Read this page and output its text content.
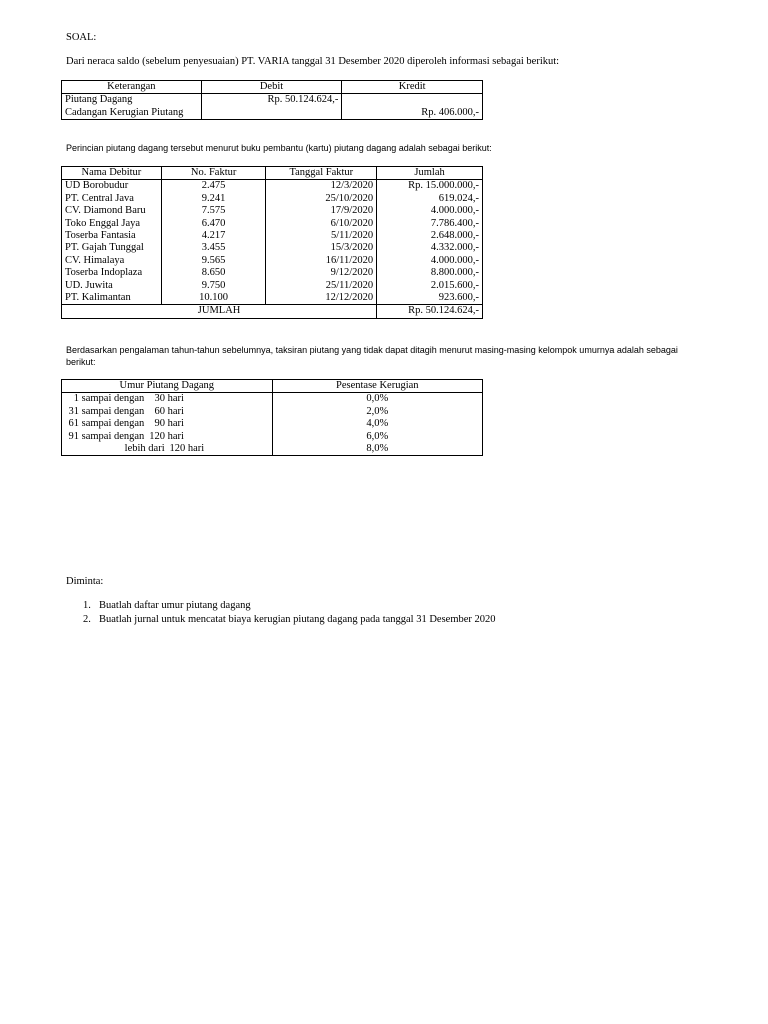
SOAL:
Dari neraca saldo (sebelum penyesuaian) PT. VARIA tanggal 31 Desember 2020 diperoleh informasi sebagai berikut:
Keterangan	Debit	Kredit
Piutang Dagang	Rp. 50.124.624,-	
Cadangan Kerugian Piutang		Rp. 406.000,-
Perincian piutang dagang tersebut menurut buku pembantu (kartu) piutang dagang adalah sebagai berikut:
Nama Debitur	No. Faktur	Tanggal Faktur	Jumlah
UD Borobudur	2.475	12/3/2020	Rp. 15.000.000,-
PT. Central Java	9.241	25/10/2020	619.024,-
CV. Diamond Baru	7.575	17/9/2020	4.000.000,-
Toko Enggal Jaya	6.470	6/10/2020	7.786.400,-
Toserba Fantasia	4.217	5/11/2020	2.648.000,-
PT. Gajah Tunggal	3.455	15/3/2020	4.332.000,-
CV. Himalaya	9.565	16/11/2020	4.000.000,-
Toserba Indoplaza	8.650	9/12/2020	8.800.000,-
UD. Juwita	9.750	25/11/2020	2.015.600,-
PT. Kalimantan	10.100	12/12/2020	923.600,-
JUMLAH			Rp. 50.124.624,-
Berdasarkan pengalaman tahun-tahun sebelumnya, taksiran piutang yang tidak dapat ditagih menurut masing-masing kelompok umurnya adalah sebagai
berikut:
Umur Piutang Dagang	Pesentase Kerugian
1 sampai dengan 30 hari	0,0%
31 sampai dengan 60 hari	2,0%
61 sampai dengan 90 hari	4,0%
91 sampai dengan 120 hari	6,0%
lebih dari 120 hari	8,0%
Diminta:
1. Buatlah daftar umur piutang dagang
2. Buatlah jurnal untuk mencatat biaya kerugian piutang dagang pada tanggal 31 Desember 2020
